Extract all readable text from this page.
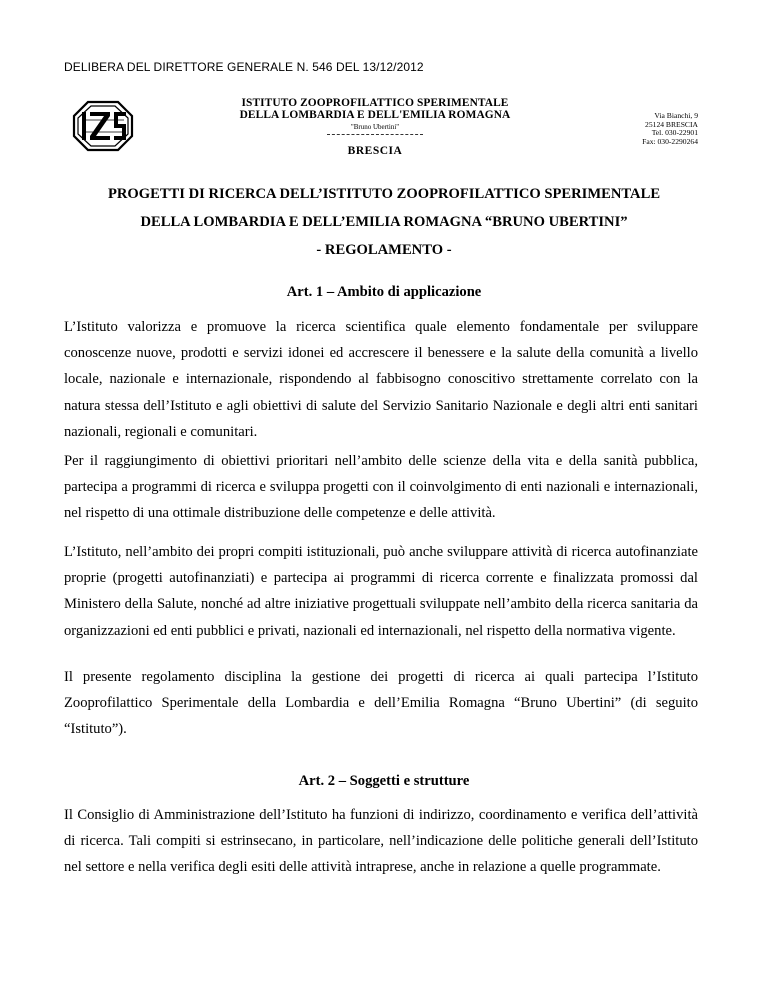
DELIBERA DEL DIRETTORE GENERALE N. 546 DEL 13/12/2012
ISTITUTO ZOOPROFILATTICO SPERIMENTALE
DELLA LOMBARDIA E DELL'EMILIA ROMAGNA
"Bruno Ubertini"
BRESCIA
Via Bianchi, 9
25124 BRESCIA
Tel. 030-22901
Fax: 030-2290264
PROGETTI DI RICERCA DELL’ISTITUTO ZOOPROFILATTICO SPERIMENTALE
DELLA LOMBARDIA E DELL’EMILIA ROMAGNA “BRUNO UBERTINI”
- REGOLAMENTO -
Art. 1 – Ambito di applicazione
L’Istituto valorizza e promuove la ricerca scientifica quale elemento fondamentale per sviluppare conoscenze nuove, prodotti e servizi idonei ed accrescere il benessere e la salute della comunità a livello locale, nazionale e internazionale, rispondendo al fabbisogno conoscitivo strettamente correlato con la natura stessa dell’Istituto e agli obiettivi di salute del Servizio Sanitario Nazionale e degli altri enti sanitari nazionali, regionali e comunitari.
Per il raggiungimento di obiettivi prioritari nell’ambito delle scienze della vita e della sanità pubblica, partecipa a programmi di ricerca e sviluppa progetti con il coinvolgimento di enti nazionali e internazionali, nel rispetto di una ottimale distribuzione delle competenze e delle attività.
L’Istituto, nell’ambito dei propri compiti istituzionali, può anche sviluppare attività di ricerca autofinanziate proprie (progetti autofinanziati) e partecipa ai programmi di ricerca corrente e finalizzata promossi dal Ministero della Salute, nonché ad altre iniziative progettuali sviluppate nell’ambito della ricerca sanitaria da organizzazioni ed enti pubblici e privati, nazionali ed internazionali, nel rispetto della normativa vigente.
Il presente regolamento disciplina la gestione dei progetti di ricerca ai quali partecipa l’Istituto Zooprofilattico Sperimentale della Lombardia e dell’Emilia Romagna “Bruno Ubertini” (di seguito “Istituto”).
Art. 2 – Soggetti e strutture
Il Consiglio di Amministrazione dell’Istituto ha funzioni di indirizzo, coordinamento e verifica dell’attività di ricerca. Tali compiti si estrinsecano, in particolare, nell’indicazione delle politiche generali dell’Istituto nel settore e nella verifica degli esiti delle attività intraprese, anche in relazione a quelle programmate.
